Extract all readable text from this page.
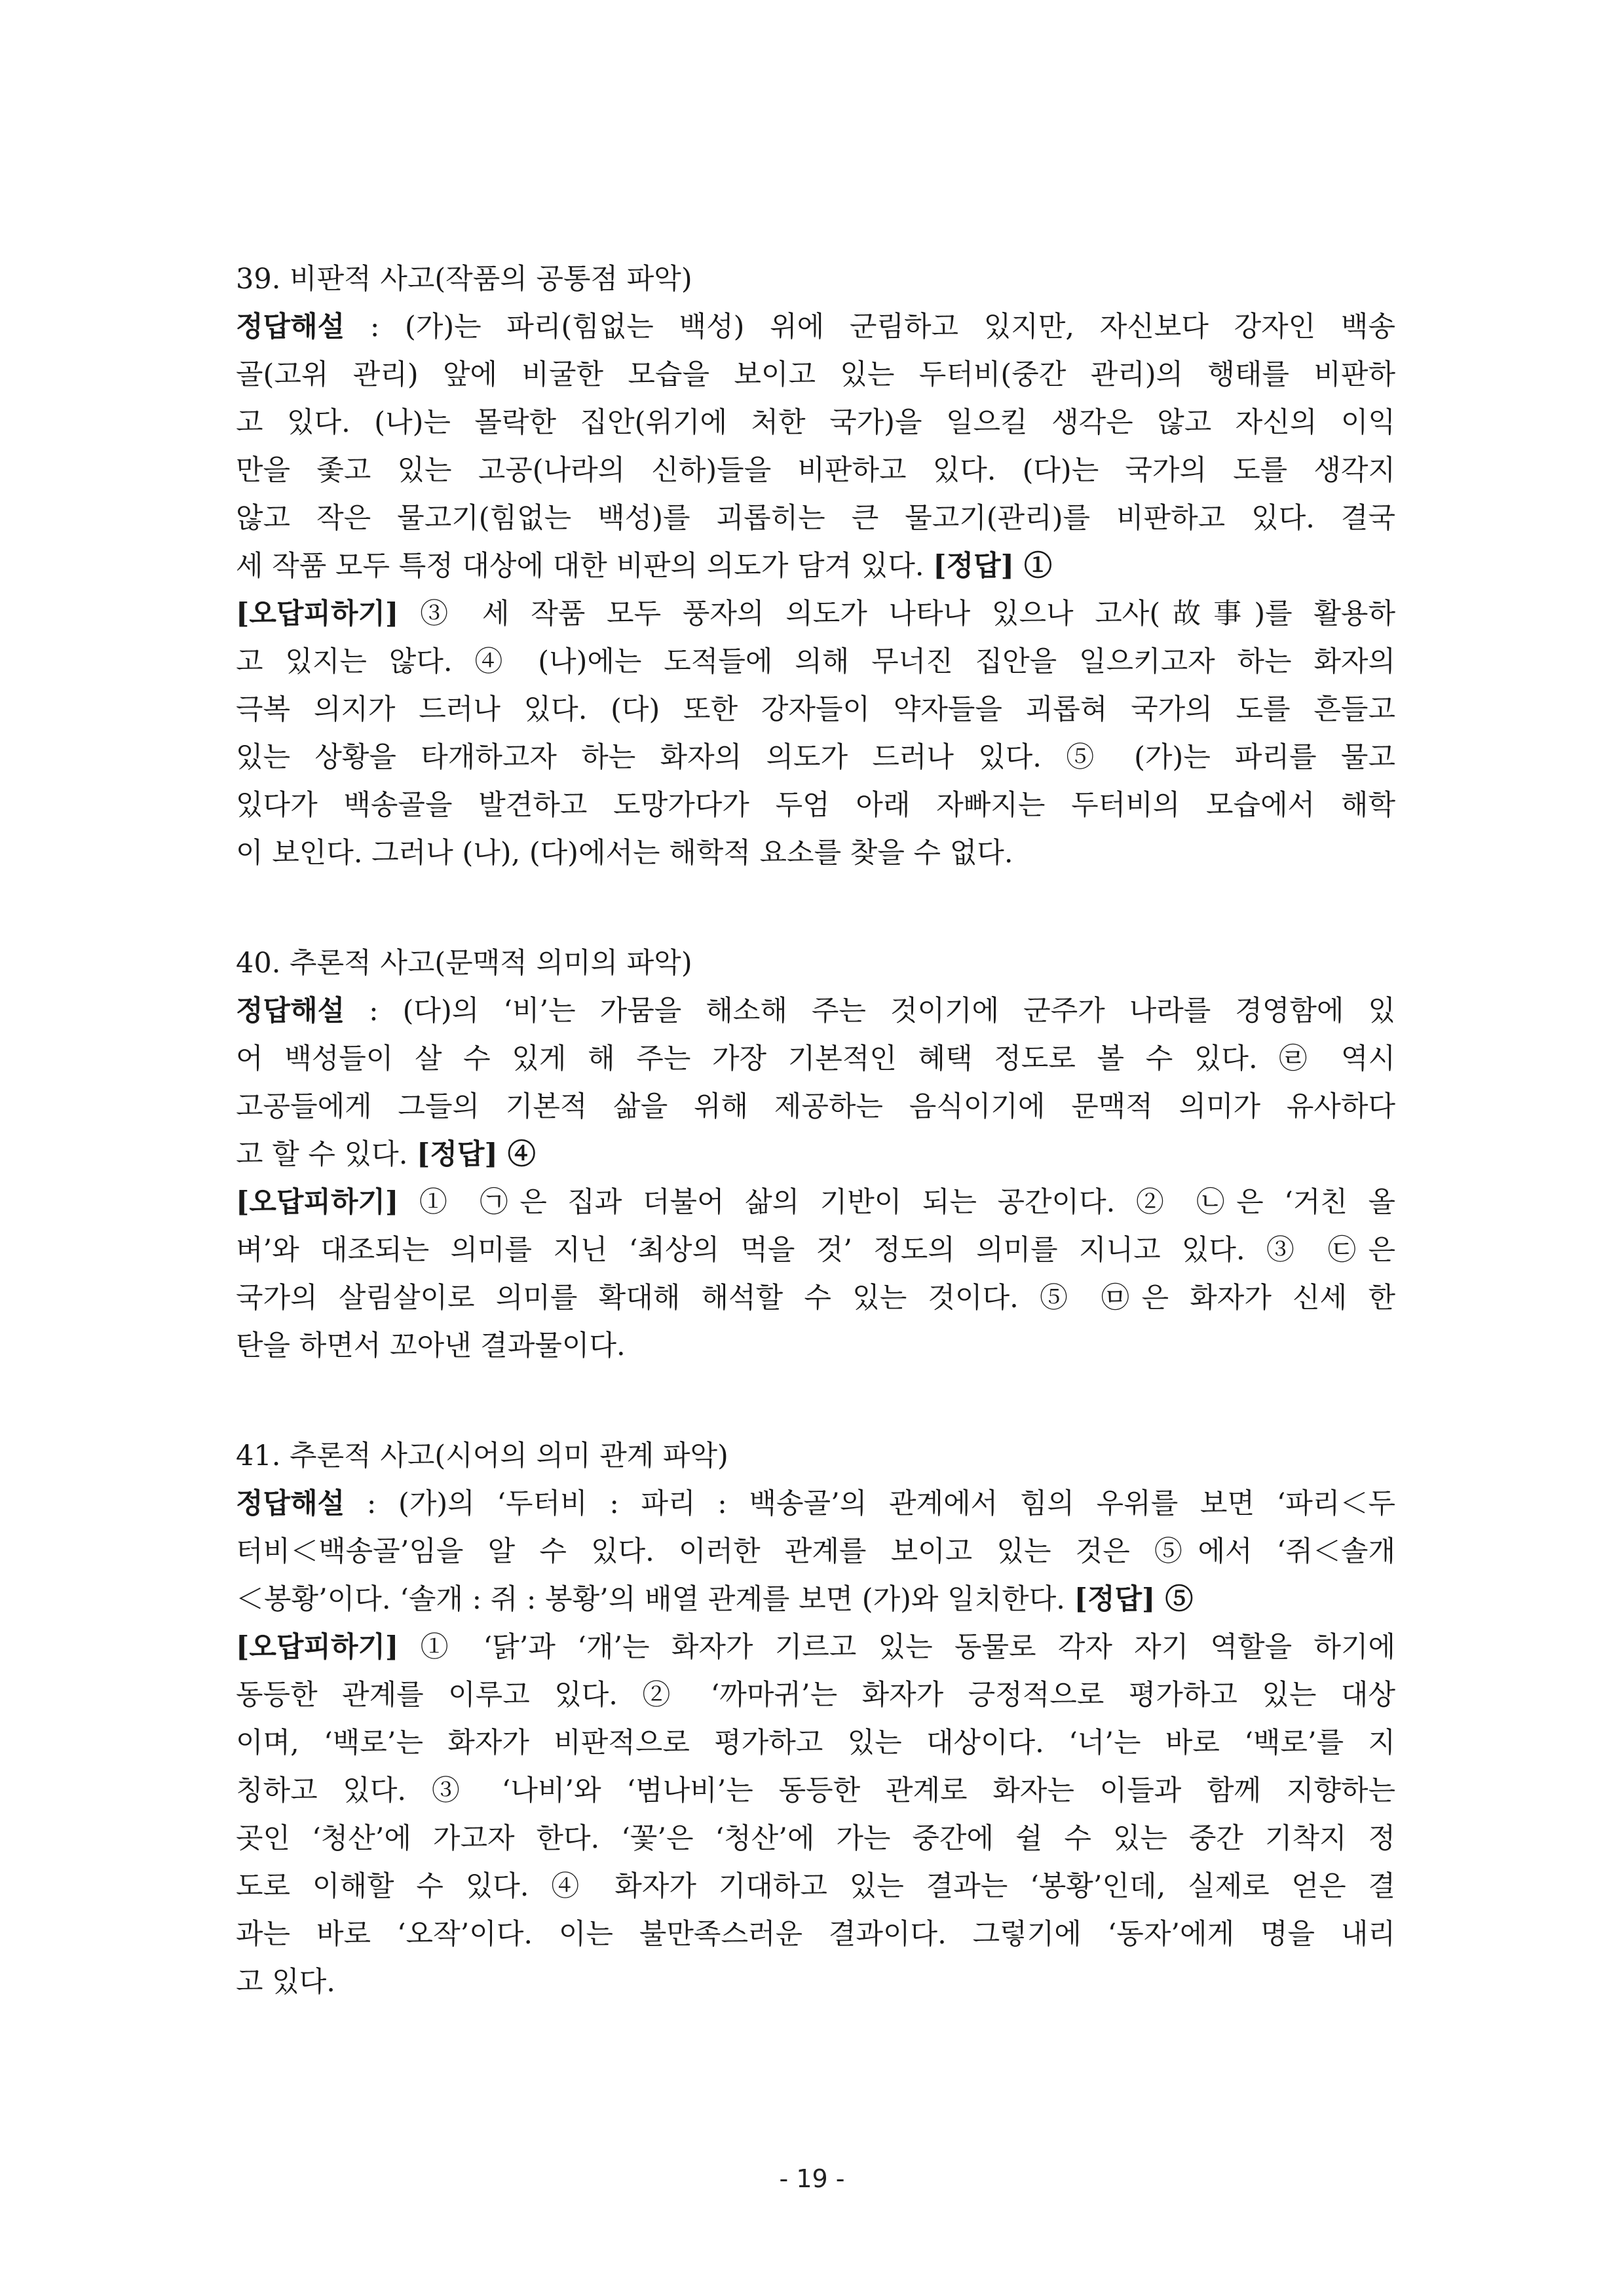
39. 비판적 사고(작품의 공통점 파악)

정답해설 : (가)는 파리(힘없는 백성) 위에 군림하고 있지만, 자신보다 강자인 백송

골(고위 관리) 앞에 비굴한 모습을 보이고 있는 두터비(중간 관리)의 행태를 비판하

고 있다. (나)는 몰락한 집안(위기에 처한 국가)을 일으킬 생각은 않고 자신의 이익

만을 좇고 있는 고공(나라의 신하)들을 비판하고 있다. (다)는 국가의 도를 생각지

않고 작은 물고기(힘없는 백성)를 괴롭히는 큰 물고기(관리)를 비판하고 있다. 결국

세 작품 모두 특정 대상에 대한 비판의 의도가 담겨 있다. [정답] ①

[오답피하기] ③ 세 작품 모두 풍자의 의도가 나타나 있으나 고사(故事)를 활용하

고 있지는 않다. ④ (나)에는 도적들에 의해 무너진 집안을 일으키고자 하는 화자의

극복 의지가 드러나 있다. (다) 또한 강자들이 약자들을 괴롭혀 국가의 도를 흔들고

있는 상황을 타개하고자 하는 화자의 의도가 드러나 있다. ⑤ (가)는 파리를 물고

있다가 백송골을 발견하고 도망가다가 두엄 아래 자빠지는 두터비의 모습에서 해학

이 보인다. 그러나 (나), (다)에서는 해학적 요소를 찾을 수 없다.

40. 추론적 사고(문맥적 의미의 파악)

정답해설 : (다)의 ‘비’는 가뭄을 해소해 주는 것이기에 군주가 나라를 경영함에 있

어 백성들이 살 수 있게 해 주는 가장 기본적인 혜택 정도로 볼 수 있다. ㉣ 역시

고공들에게 그들의 기본적 삶을 위해 제공하는 음식이기에 문맥적 의미가 유사하다

고 할 수 있다. [정답] ④

[오답피하기] ① ㉠은 집과 더불어 삶의 기반이 되는 공간이다. ② ㉡은 ‘거친 올

벼’와 대조되는 의미를 지닌 ‘최상의 먹을 것’ 정도의 의미를 지니고 있다. ③ ㉢은

국가의 살림살이로 의미를 확대해 해석할 수 있는 것이다. ⑤ ㉤은 화자가 신세 한

탄을 하면서 꼬아낸 결과물이다.

41. 추론적 사고(시어의 의미 관계 파악)

정답해설 : (가)의 ‘두터비 : 파리 : 백송골’의 관계에서 힘의 우위를 보면 ‘파리＜두

터비＜백송골’임을 알 수 있다. 이러한 관계를 보이고 있는 것은 ⑤에서 ‘쥐＜솔개

＜봉황’이다. ‘솔개 : 쥐 : 봉황’의 배열 관계를 보면 (가)와 일치한다. [정답] ⑤

[오답피하기] ① ‘닭’과 ‘개’는 화자가 기르고 있는 동물로 각자 자기 역할을 하기에

동등한 관계를 이루고 있다. ② ‘까마귀’는 화자가 긍정적으로 평가하고 있는 대상

이며, ‘백로’는 화자가 비판적으로 평가하고 있는 대상이다. ‘너’는 바로 ‘백로’를 지

칭하고 있다. ③ ‘나비’와 ‘범나비’는 동등한 관계로 화자는 이들과 함께 지향하는

곳인 ‘청산’에 가고자 한다. ‘꽃’은 ‘청산’에 가는 중간에 쉴 수 있는 중간 기착지 정

도로 이해할 수 있다. ④ 화자가 기대하고 있는 결과는 ‘봉황’인데, 실제로 얻은 결

과는 바로 ‘오작’이다. 이는 불만족스러운 결과이다. 그렇기에 ‘동자’에게 명을 내리

고 있다.

- 19 -
